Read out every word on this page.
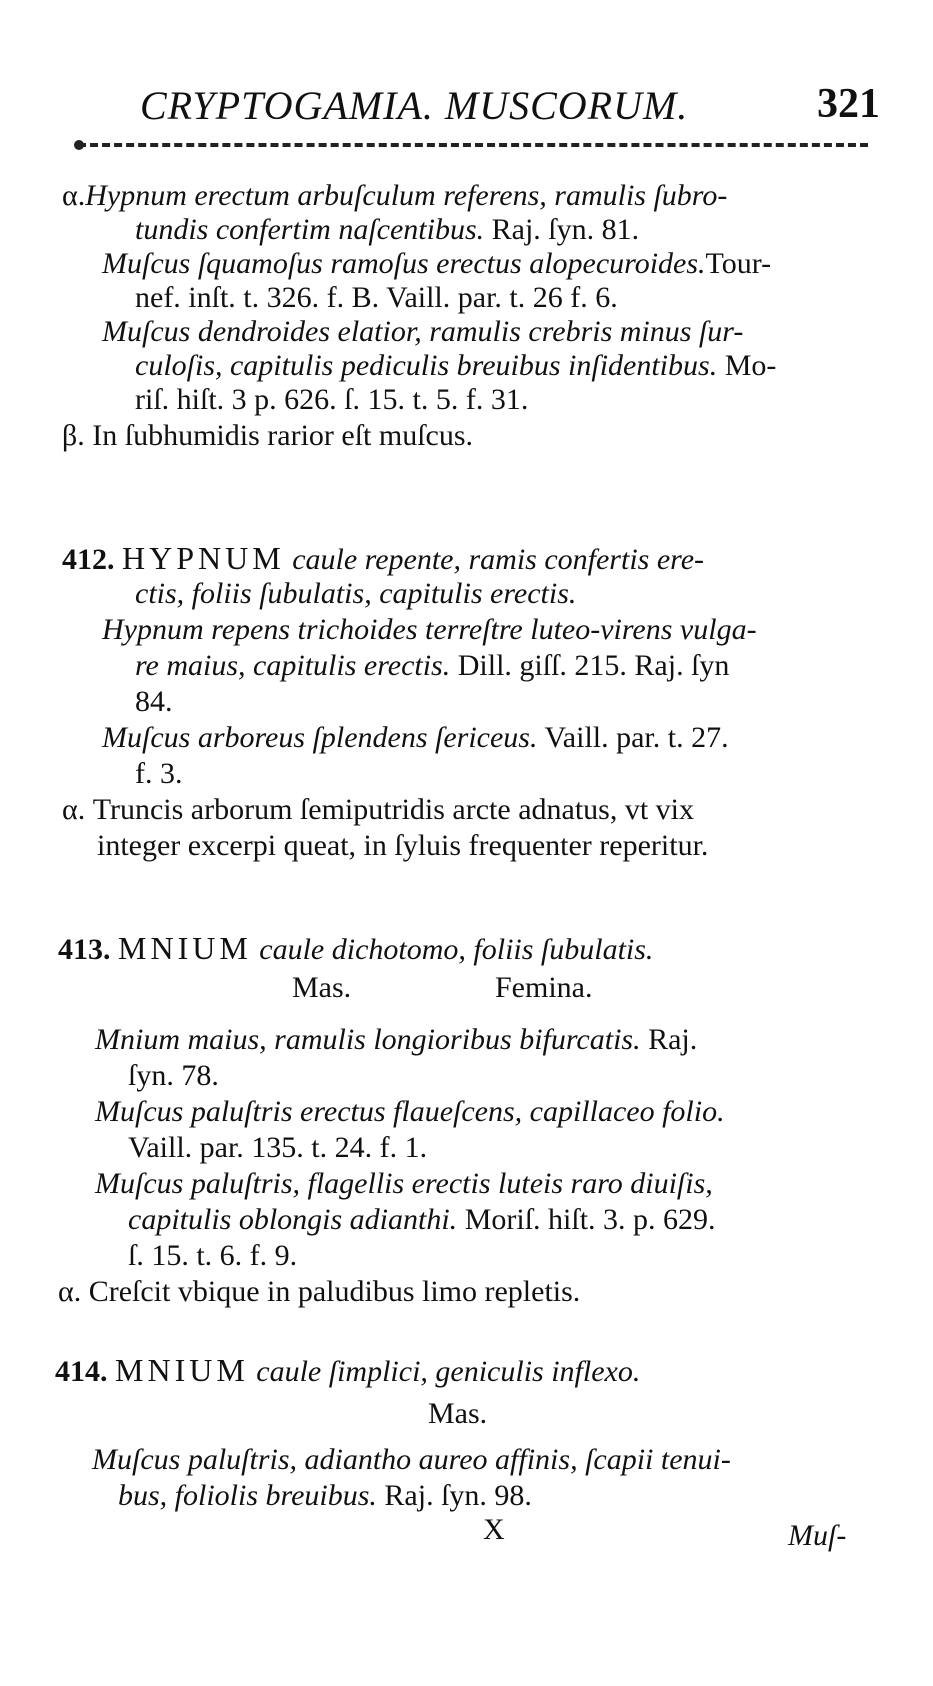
CRYPTOGAMIA. MUSCORUM.	321
α.Hypnum erectum arbuſculum referens, ramulis ſubro-
tundis confertim naſcentibus. Raj. ſyn. 81.
Muſcus ſquamoſus ramoſus erectus alopecuroides.Tour-
nef. inſt. t. 326. f. B. Vaill. par. t. 26 f. 6.
Muſcus dendroides elatior, ramulis crebris minus ſur-
culoſis, capitulis pediculis breuibus inſidentibus. Mo-
riſ. hiſt. 3 p. 626. ſ. 15. t. 5. f. 31.
β. In ſubhumidis rarior eſt muſcus.
412. HYPNUM caule repente, ramis confertis ere-
ctis, foliis ſubulatis, capitulis erectis.
Hypnum repens trichoides terreſtre luteo-virens vulga-
re maius, capitulis erectis. Dill. giſſ. 215. Raj. ſyn
84.
Muſcus arboreus ſplendens ſericeus. Vaill. par. t. 27.
f. 3.
α. Truncis arborum ſemiputridis arcte adnatus, vt vix
integer excerpi queat, in ſyluis frequenter reperitur.
413. MNIUM caule dichotomo, foliis ſubulatis.
Mas.	Femina.
Mnium maius, ramulis longioribus bifurcatis. Raj.
ſyn. 78.
Muſcus paluſtris erectus flaueſcens, capillaceo folio.
Vaill. par. 135. t. 24. f. 1.
Muſcus paluſtris, flagellis erectis luteis raro diuiſis,
capitulis oblongis adianthi. Moriſ. hiſt. 3. p. 629.
ſ. 15. t. 6. f. 9.
α. Creſcit vbique in paludibus limo repletis.
414. MNIUM caule ſimplici, geniculis inflexo.
Mas.
Muſcus paluſtris, adiantho aureo affinis, ſcapii tenui-
bus, foliolis breuibus. Raj. ſyn. 98.
X	Muſ-
